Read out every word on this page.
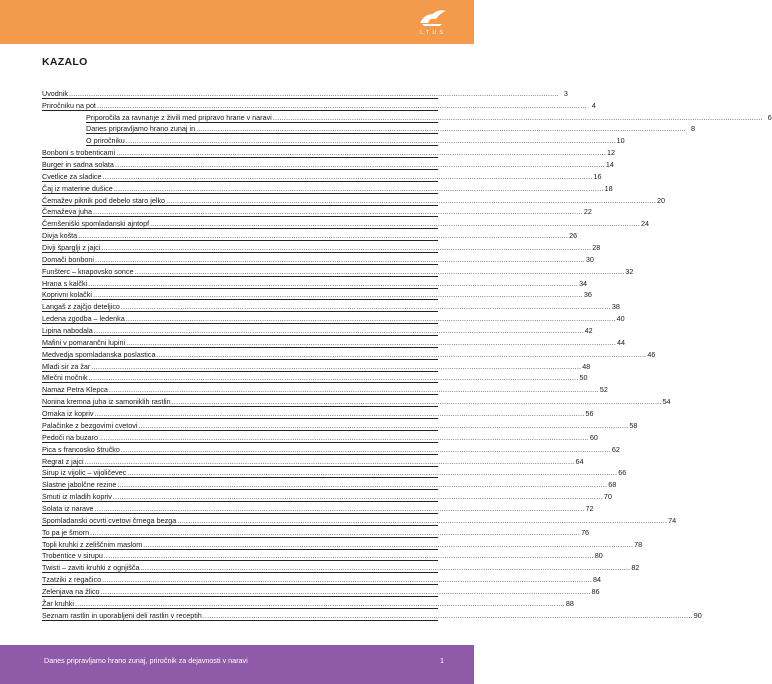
L T U S
KAZALO
Uvodnik .....	3
Priročniku na pot .....	4
Priporočila za ravnanje z živili med pripravo hrane v naravi .....	6
Danes pripravljamo hrano zunaj in .....	8
O priročniku .....	10
Bonboni s trobenticami .....	12
Burger in sadna solata .....	14
Cvetlice za sladice .....	16
Čaj iz materine dušice .....	18
Čemažev piknik pod debelo staro jelko .....	20
Čemaževa juha .....	22
Černšeniški spomladanski ajntopf .....	24
Divja košta .....	26
Divji šparglji z jajci .....	28
Domači bonboni .....	30
Funšterc – knapovsko sonce .....	32
Hrana s kalčki .....	34
Koprivni kolački .....	36
Langaš z zajčjo deteljico .....	38
Ledena zgodba – ledenka .....	40
Lipina nabodala .....	42
Mafini v pomarančni lupini .....	44
Medvedja spomladanska poslastica .....	46
Mladi sir za žar .....	48
Mlečni močnik .....	50
Namaz Petra Klepca .....	52
Nonina kremna juha iz samoniklih rastlin .....	54
Omaka iz kopriv .....	56
Palačinke z bezgovimi cvetovi .....	58
Pedoči na buzaro .....	60
Pica s francosko štručko .....	62
Regrat z jajci .....	64
Sirup iz vijolic – vijoličevec .....	66
Slastne jabolčne rezine .....	68
Smuti iz mladih kopriv .....	70
Solata iz narave .....	72
Spomladanski ocvrti cvetovi črnega bezga .....	74
To pa je šmorn .....	76
Topli kruhki z zeliščnim maslom .....	78
Trobentice v sirupu .....	80
Twisti – zaviti kruhki z ognjišča .....	82
Tzatziki z regačico .....	84
Zelenjava na žlico .....	86
Žar kruhki .....	88
Seznam rastlin in uporabljeni deli rastlin v receptih .....	90
Danes pripravljamo hrano zunaj, priročnik za dejavnosti v naravi	1
